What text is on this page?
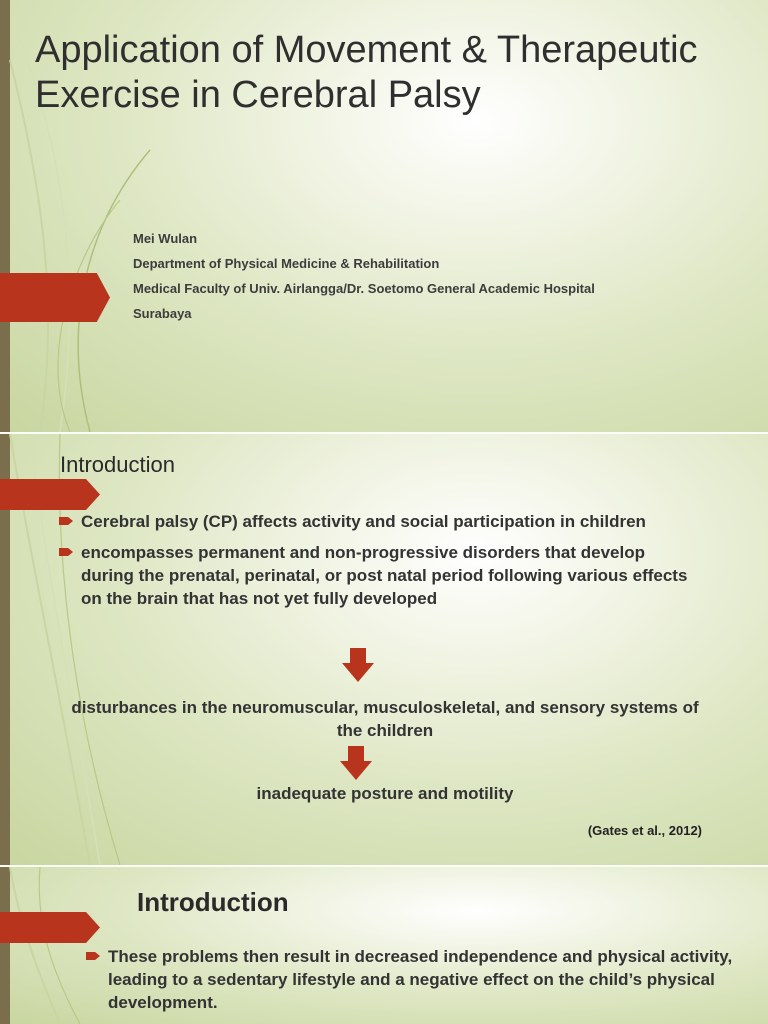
Application of Movement & Therapeutic Exercise in Cerebral Palsy
Mei Wulan
Department of Physical Medicine & Rehabilitation
Medical Faculty of Univ. Airlangga/Dr. Soetomo General Academic Hospital
Surabaya
Introduction
Cerebral palsy (CP) affects activity and social participation in children
encompasses permanent and non-progressive disorders that develop during the prenatal, perinatal, or post natal period following various effects on the brain that has not yet fully developed
disturbances in the neuromuscular, musculoskeletal, and sensory systems of the children
inadequate posture and motility
(Gates et al., 2012)
Introduction
These problems then result in decreased independence and physical activity, leading to a sedentary lifestyle and a negative effect on the child’s physical development.
